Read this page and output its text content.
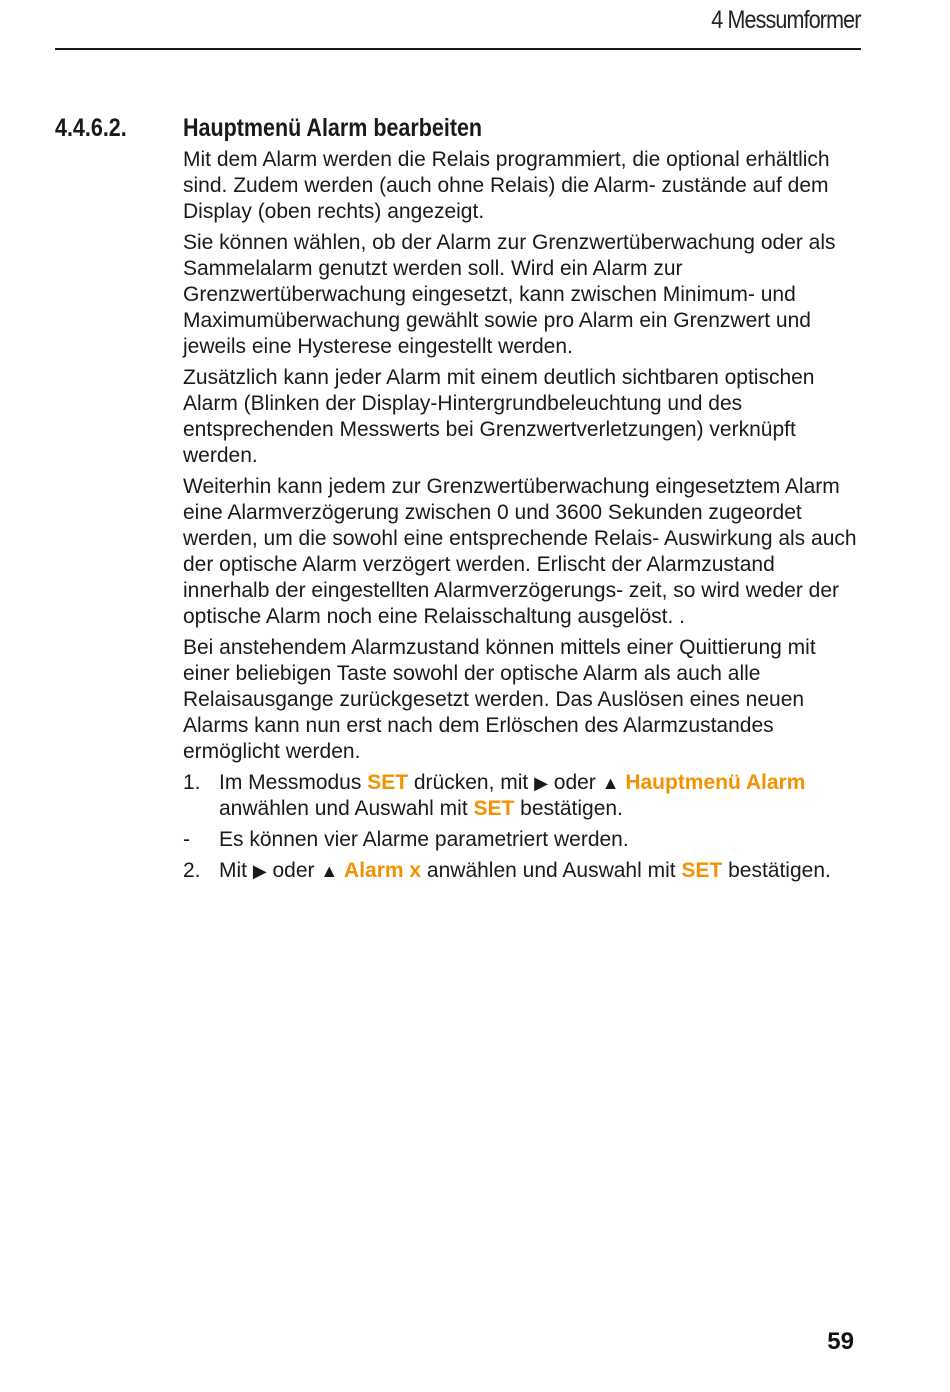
4 Messumformer
4.4.6.2. Hauptmenü Alarm bearbeiten

Mit dem Alarm werden die Relais programmiert, die optional erhältlich sind. Zudem werden (auch ohne Relais) die Alarm- zustände auf dem Display (oben rechts) angezeigt.

Sie können wählen, ob der Alarm zur Grenzwertüberwachung oder als Sammelalarm genutzt werden soll. Wird ein Alarm zur Grenzwertüberwachung eingesetzt, kann zwischen Minimum- und Maximumüberwachung gewählt sowie pro Alarm ein Grenzwert und jeweils eine Hysterese eingestellt werden.

Zusätzlich kann jeder Alarm mit einem deutlich sichtbaren optischen Alarm (Blinken der Display-Hintergrundbeleuchtung und des entsprechenden Messwerts bei Grenzwertverletzungen) verknüpft werden.

Weiterhin kann jedem zur Grenzwertüberwachung eingesetztem Alarm eine Alarmverzögerung zwischen 0 und 3600 Sekunden zugeordet werden, um die sowohl eine entsprechende Relais- Auswirkung als auch der optische Alarm verzögert werden. Erlischt der Alarmzustand innerhalb der eingestellten Alarmverzögerungs- zeit, so wird weder der optische Alarm noch eine Relaisschaltung ausgelöst. .

Bei anstehendem Alarmzustand können mittels einer Quittierung mit einer beliebigen Taste sowohl der optische Alarm als auch alle Relaisausgange zurückgesetzt werden. Das Auslösen eines neuen Alarms kann nun erst nach dem Erlöschen des Alarmzustandes ermöglicht werden.

1. Im Messmodus SET drücken, mit ▶ oder ▲ Hauptmenü Alarm anwählen und Auswahl mit SET bestätigen.
- Es können vier Alarme parametriert werden.
2. Mit ▶ oder ▲ Alarm x anwählen und Auswahl mit SET bestätigen.
59
